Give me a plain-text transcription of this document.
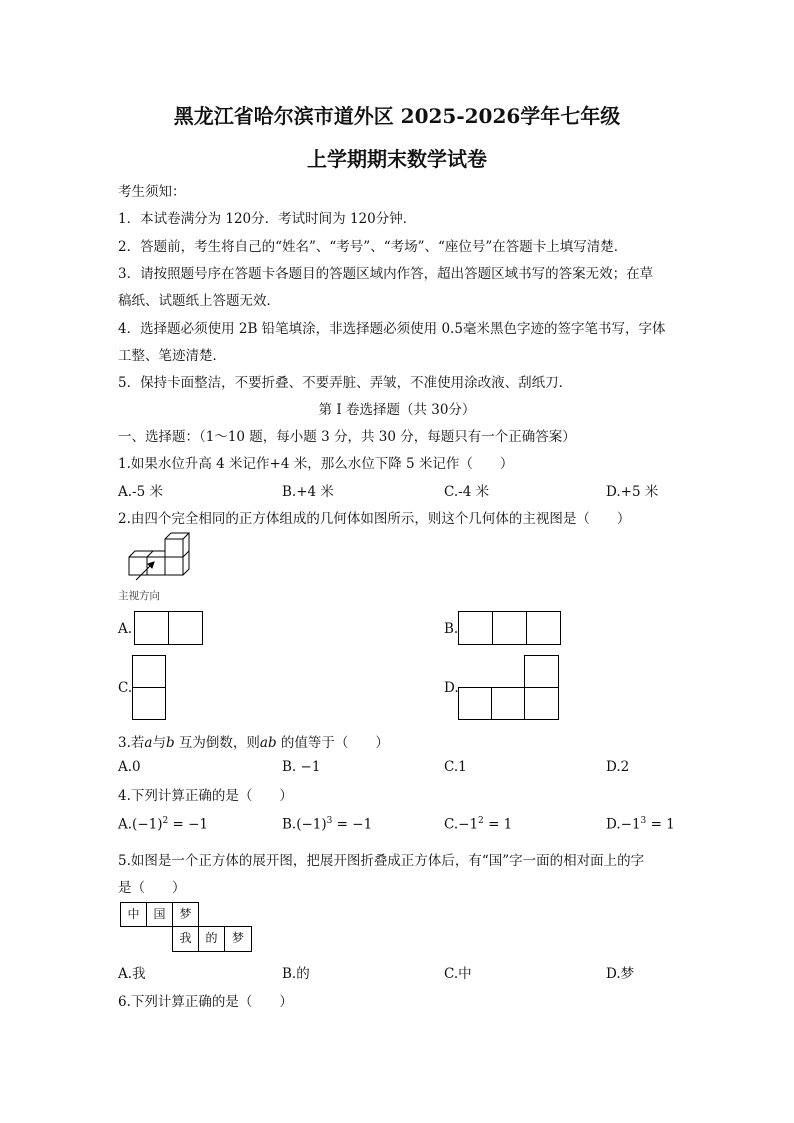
黑龙江省哈尔滨市道外区 2025-2026学年七年级
上学期期末数学试卷
考生须知：
1．本试卷满分为 120分．考试时间为 120分钟．
2．答题前，考生将自己的“姓名”、“考号”、“考场”、“座位号”在答题卡上填写清楚．
3．请按照题号序在答题卡各题目的答题区域内作答，超出答题区域书写的答案无效；在草
稿纸、试题纸上答题无效．
4．选择题必须使用 2B 铅笔填涂，非选择题必须使用 0.5毫米黑色字迹的签字笔书写，字体
工整、笔迹清楚．
5．保持卡面整洁，不要折叠、不要弄脏、弄皱，不准使用涂改液、刮纸刀．
第 I 卷选择题（共 30分）
一、选择题：（1～10 题，每小题 3 分，共 30 分，每题只有一个正确答案）
1.如果水位升高 4 米记作+4 米，那么水位下降 5 米记作（　　）
A.-5 米	B.+4 米	C.-4 米	D.+5 米
2.由四个完全相同的正方体组成的几何体如图所示，则这个几何体的主视图是（　　）
主视方向
A.	B.
C.	D.
3.若a与b 互为倒数，则ab 的值等于（　　）
A.0	B. −1	C.1	D.2
4.下列计算正确的是（　　）
$A.(-1)^2 = -1$	$B.(-1)^3 = -1$	$C.-1^2 = 1$	$D.-1^3 = 1$
5.如图是一个正方体的展开图，把展开图折叠成正方体后，有“国”字一面的相对面上的字
是（　　）
中	国	梦
我	的	梦
A.我	B.的	C.中	D.梦
6.下列计算正确的是（　　）
